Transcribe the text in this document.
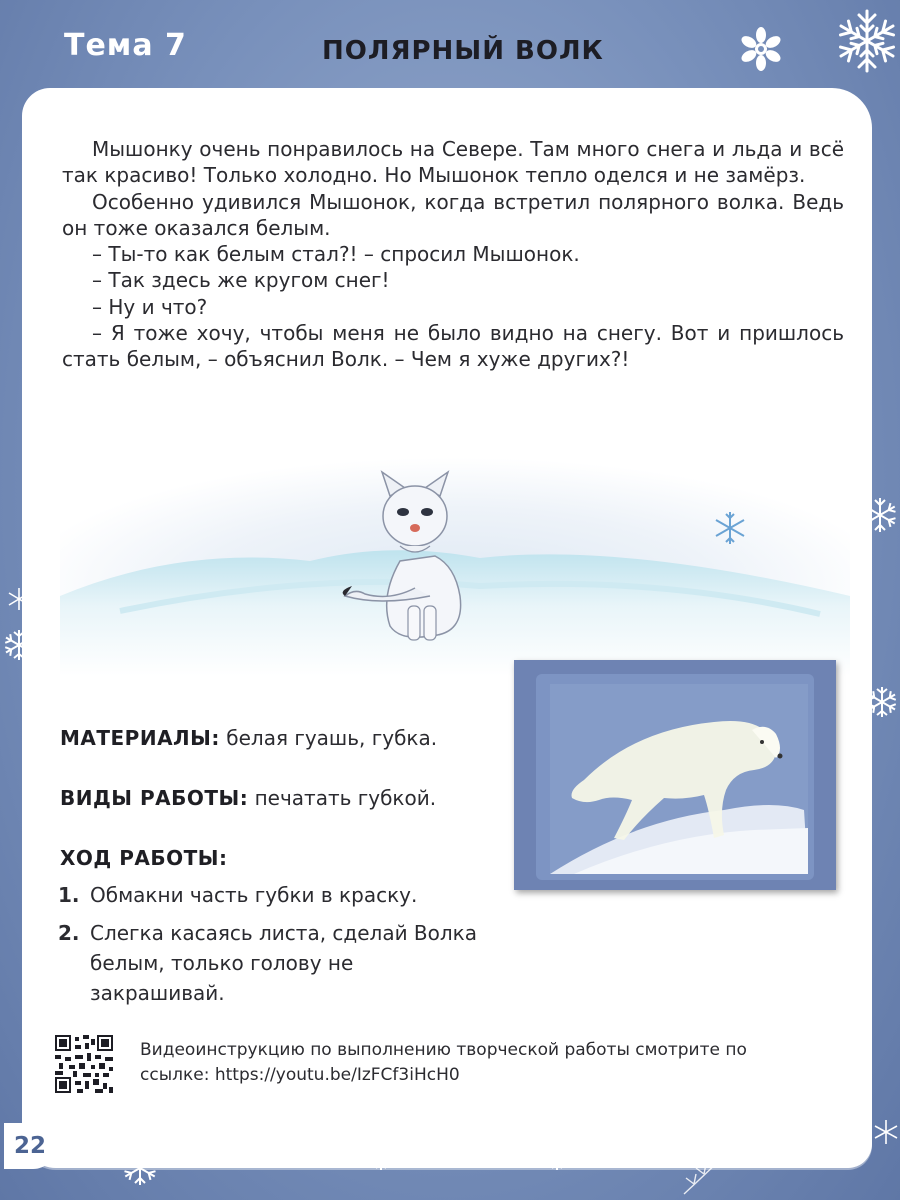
Тема 7	ПОЛЯРНЫЙ ВОЛК

Мышонку очень понравилось на Севере. Там много снега и льда и всё так красиво! Только холодно. Но Мышонок тепло оделся и не замёрз.

Особенно удивился Мышонок, когда встретил полярного волка. Ведь он тоже оказался белым.

– Ты-то как белым стал?! – спросил Мышонок.

– Так здесь же кругом снег!

– Ну и что?

– Я тоже хочу, чтобы меня не было видно на снегу. Вот и пришлось стать белым, – объяснил Волк. – Чем я хуже других?!

МАТЕРИАЛЫ: белая гуашь, губка.
ВИДЫ РАБОТЫ: печатать губкой.
ХОД РАБОТЫ:
1. Обмакни часть губки в краску.
2. Слегка касаясь листа, сделай Волка белым, только голову не закрашивай.
Видеоинструкцию по выполнению творческой работы смотрите по ссылке: https://youtu.be/IzFCf3iHcH0
22
